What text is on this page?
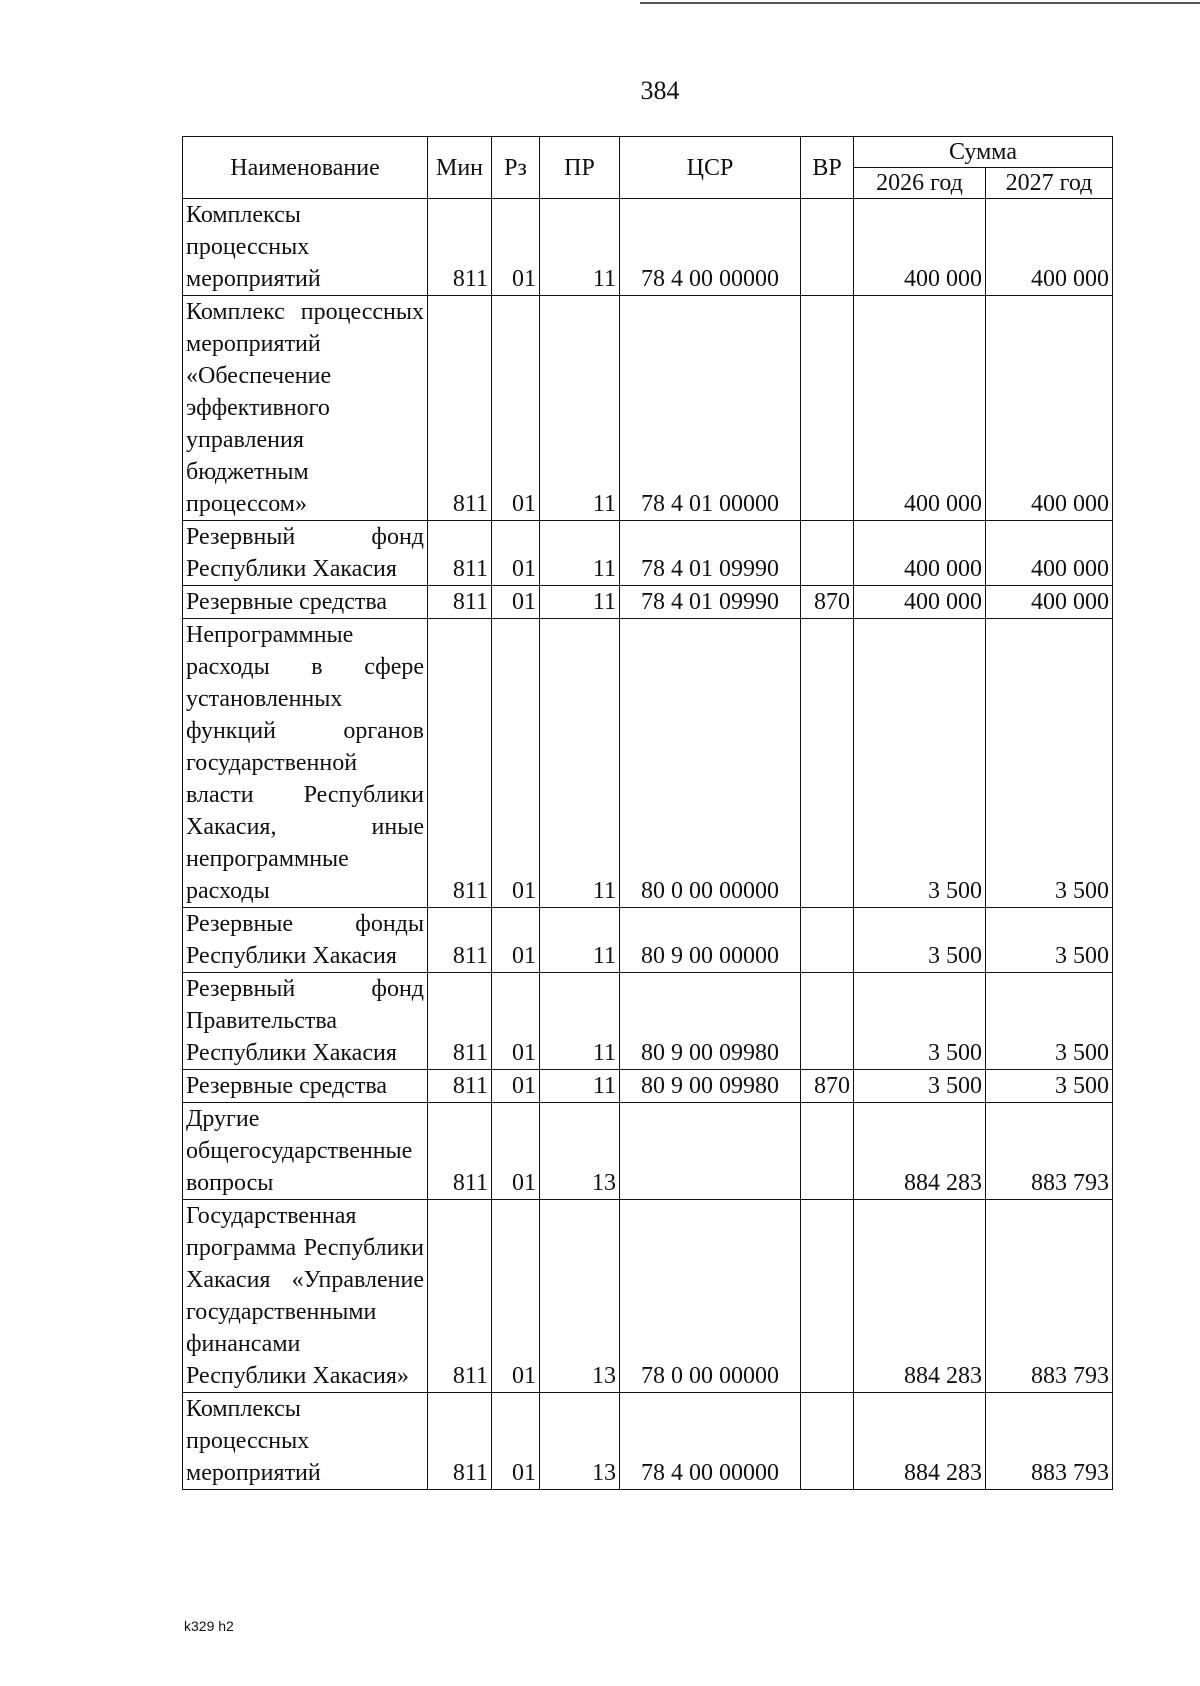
384
Наименование	Мин	Рз	ПР	ЦСР	ВР	Сумма	
						2026 год	2027 год
Комплексы процессных мероприятий	811	01	11	78 4 00 00000		400 000	400 000
Комплекс процессных мероприятий «Обеспечение эффективного управления бюджетным процессом»	811	01	11	78 4 01 00000		400 000	400 000
Резервный фонд Республики Хакасия	811	01	11	78 4 01 09990		400 000	400 000
Резервные средства	811	01	11	78 4 01 09990	870	400 000	400 000
Непрограммные расходы в сфере установленных функций органов государственной власти Республики Хакасия, иные непрограммные расходы	811	01	11	80 0 00 00000		3 500	3 500
Резервные фонды Республики Хакасия	811	01	11	80 9 00 00000		3 500	3 500
Резервный фонд Правительства Республики Хакасия	811	01	11	80 9 00 09980		3 500	3 500
Резервные средства	811	01	11	80 9 00 09980	870	3 500	3 500
Другие общегосударственные вопросы	811	01	13			884 283	883 793
Государственная программа Республики Хакасия «Управление государственными финансами Республики Хакасия»	811	01	13	78 0 00 00000		884 283	883 793
Комплексы процессных мероприятий	811	01	13	78 4 00 00000		884 283	883 793
k329 h2
